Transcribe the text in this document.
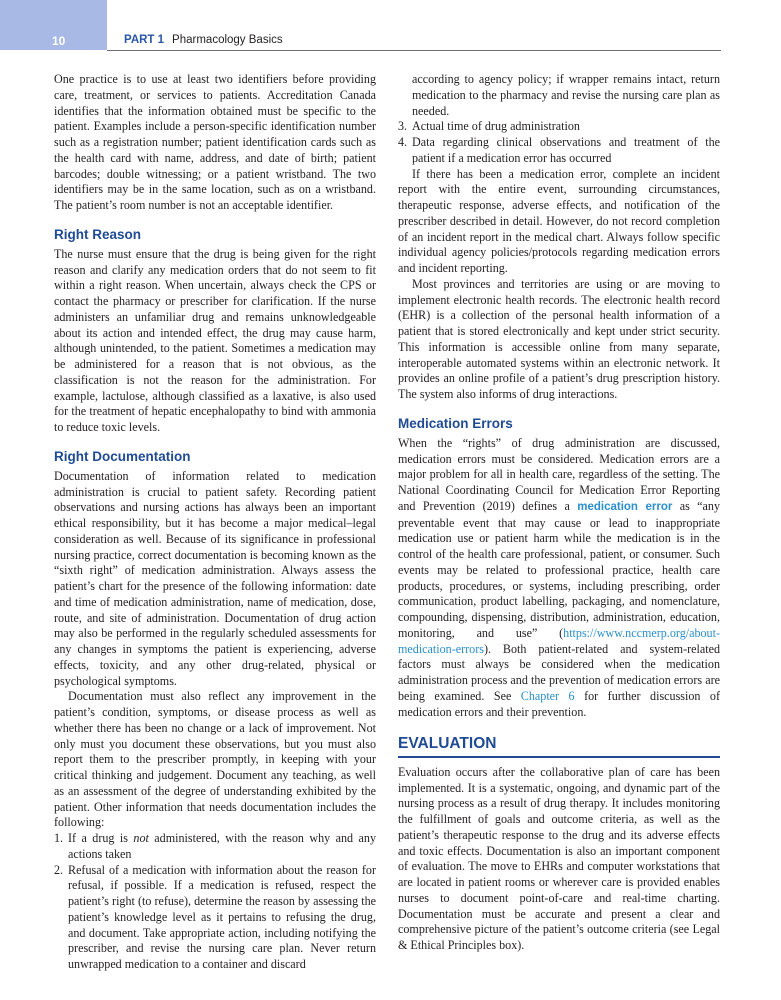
10	PART 1 Pharmacology Basics

One practice is to use at least two identifiers before providing care, treatment, or services to patients. Accreditation Canada identifies that the information obtained must be specific to the patient. Examples include a person-specific identification number such as a registration number; patient identification cards such as the health card with name, address, and date of birth; patient barcodes; double witnessing; or a patient wristband. The two identifiers may be in the same location, such as on a wristband. The patient’s room number is not an acceptable identifier.

Right Reason

The nurse must ensure that the drug is being given for the right reason and clarify any medication orders that do not seem to fit within a right reason. When uncertain, always check the CPS or contact the pharmacy or prescriber for clarification. If the nurse administers an unfamiliar drug and remains unknowledgeable about its action and intended effect, the drug may cause harm, although unintended, to the patient. Sometimes a medication may be administered for a reason that is not obvious, as the classification is not the reason for the administration. For example, lactulose, although classified as a laxative, is also used for the treatment of hepatic encephalopathy to bind with ammonia to reduce toxic levels.

Right Documentation

Documentation of information related to medication administration is crucial to patient safety. Recording patient observations and nursing actions has always been an important ethical responsibility, but it has become a major medical–legal consideration as well. Because of its significance in professional nursing practice, correct documentation is becoming known as the “sixth right” of medication administration. Always assess the patient’s chart for the presence of the following information: date and time of medication administration, name of medication, dose, route, and site of administration. Documentation of drug action may also be performed in the regularly scheduled assessments for any changes in symptoms the patient is experiencing, adverse effects, toxicity, and any other drug-related, physical or psychological symptoms.

Documentation must also reflect any improvement in the patient’s condition, symptoms, or disease process as well as whether there has been no change or a lack of improvement. Not only must you document these observations, but you must also report them to the prescriber promptly, in keeping with your critical thinking and judgement. Document any teaching, as well as an assessment of the degree of understanding exhibited by the patient. Other information that needs documentation includes the following:

1. If a drug is not administered, with the reason why and any actions taken
2. Refusal of a medication with information about the reason for refusal, if possible. If a medication is refused, respect the patient’s right (to refuse), determine the reason by assessing the patient’s knowledge level as it pertains to refusing the drug, and document. Take appropriate action, including notifying the prescriber, and revise the nursing care plan. Never return unwrapped medication to a container and discard

according to agency policy; if wrapper remains intact, return medication to the pharmacy and revise the nursing care plan as needed.

3. Actual time of drug administration
4. Data regarding clinical observations and treatment of the patient if a medication error has occurred

If there has been a medication error, complete an incident report with the entire event, surrounding circumstances, therapeutic response, adverse effects, and notification of the prescriber described in detail. However, do not record completion of an incident report in the medical chart. Always follow specific individual agency policies/protocols regarding medication errors and incident reporting.

Most provinces and territories are using or are moving to implement electronic health records. The electronic health record (EHR) is a collection of the personal health information of a patient that is stored electronically and kept under strict security. This information is accessible online from many separate, interoperable automated systems within an electronic network. It provides an online profile of a patient’s drug prescription history. The system also informs of drug interactions.

Medication Errors

When the “rights” of drug administration are discussed, medication errors must be considered. Medication errors are a major problem for all in health care, regardless of the setting. The National Coordinating Council for Medication Error Reporting and Prevention (2019) defines a medication error as “any preventable event that may cause or lead to inappropriate medication use or patient harm while the medication is in the control of the health care professional, patient, or consumer. Such events may be related to professional practice, health care products, procedures, or systems, including prescribing, order communication, product labelling, packaging, and nomenclature, compounding, dispensing, distribution, administration, education, monitoring, and use” (https://www.nccmerp.org/about-medication-errors). Both patient-related and system-related factors must always be considered when the medication administration process and the prevention of medication errors are being examined. See Chapter 6 for further discussion of medication errors and their prevention.

EVALUATION

Evaluation occurs after the collaborative plan of care has been implemented. It is a systematic, ongoing, and dynamic part of the nursing process as a result of drug therapy. It includes monitoring the fulfillment of goals and outcome criteria, as well as the patient’s therapeutic response to the drug and its adverse effects and toxic effects. Documentation is also an important component of evaluation. The move to EHRs and computer workstations that are located in patient rooms or wherever care is provided enables nurses to document point-of-care and real-time charting. Documentation must be accurate and present a clear and comprehensive picture of the patient’s outcome criteria (see Legal & Ethical Principles box).
